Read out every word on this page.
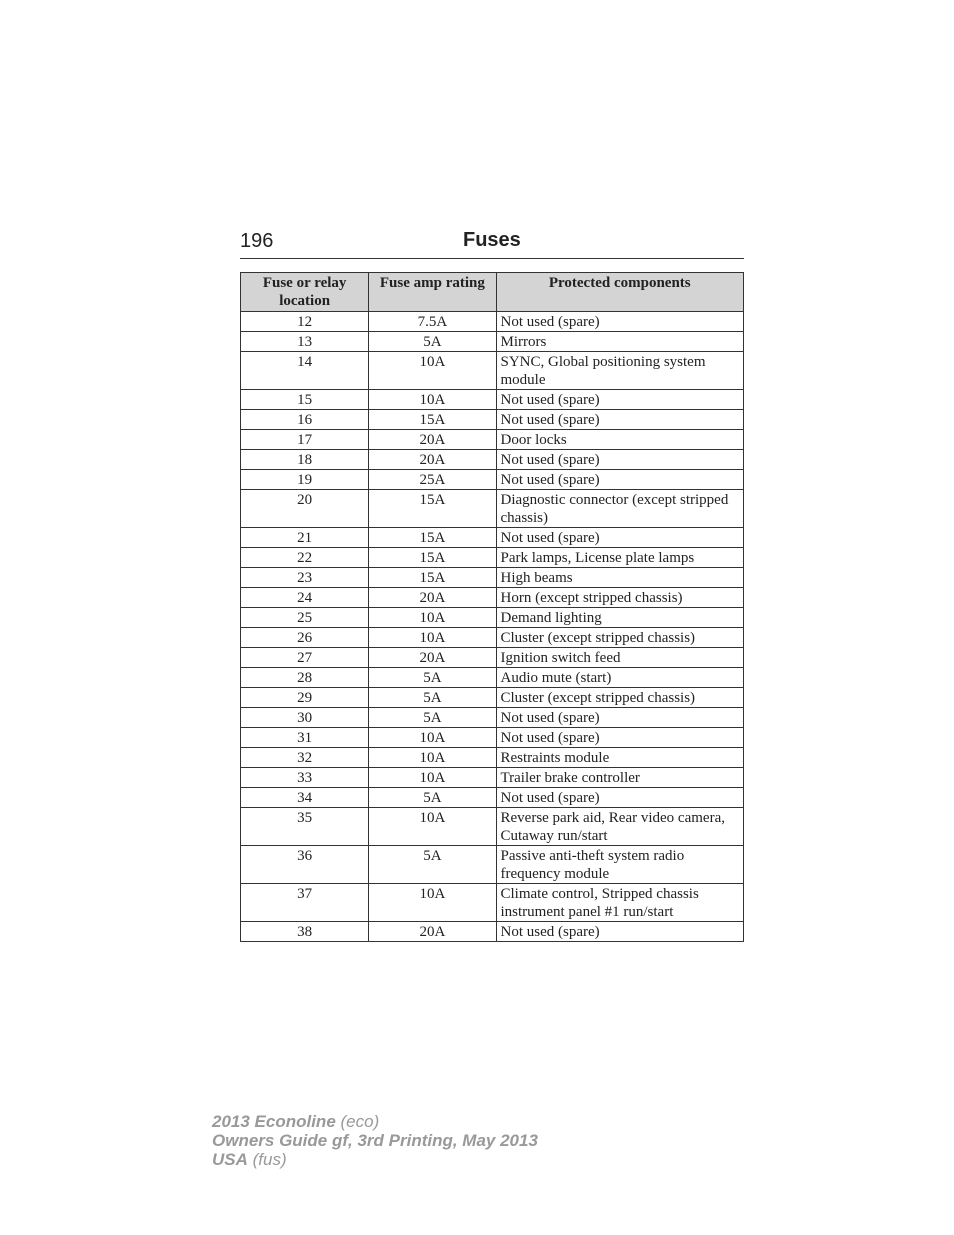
196	Fuses
Fuse or relay location	Fuse amp rating	Protected components
12	7.5A	Not used (spare)
13	5A	Mirrors
14	10A	SYNC, Global positioning system module
15	10A	Not used (spare)
16	15A	Not used (spare)
17	20A	Door locks
18	20A	Not used (spare)
19	25A	Not used (spare)
20	15A	Diagnostic connector (except stripped chassis)
21	15A	Not used (spare)
22	15A	Park lamps, License plate lamps
23	15A	High beams
24	20A	Horn (except stripped chassis)
25	10A	Demand lighting
26	10A	Cluster (except stripped chassis)
27	20A	Ignition switch feed
28	5A	Audio mute (start)
29	5A	Cluster (except stripped chassis)
30	5A	Not used (spare)
31	10A	Not used (spare)
32	10A	Restraints module
33	10A	Trailer brake controller
34	5A	Not used (spare)
35	10A	Reverse park aid, Rear video camera, Cutaway run/start
36	5A	Passive anti-theft system radio frequency module
37	10A	Climate control, Stripped chassis instrument panel #1 run/start
38	20A	Not used (spare)
2013 Econoline (eco)
Owners Guide gf, 3rd Printing, May 2013
USA (fus)
